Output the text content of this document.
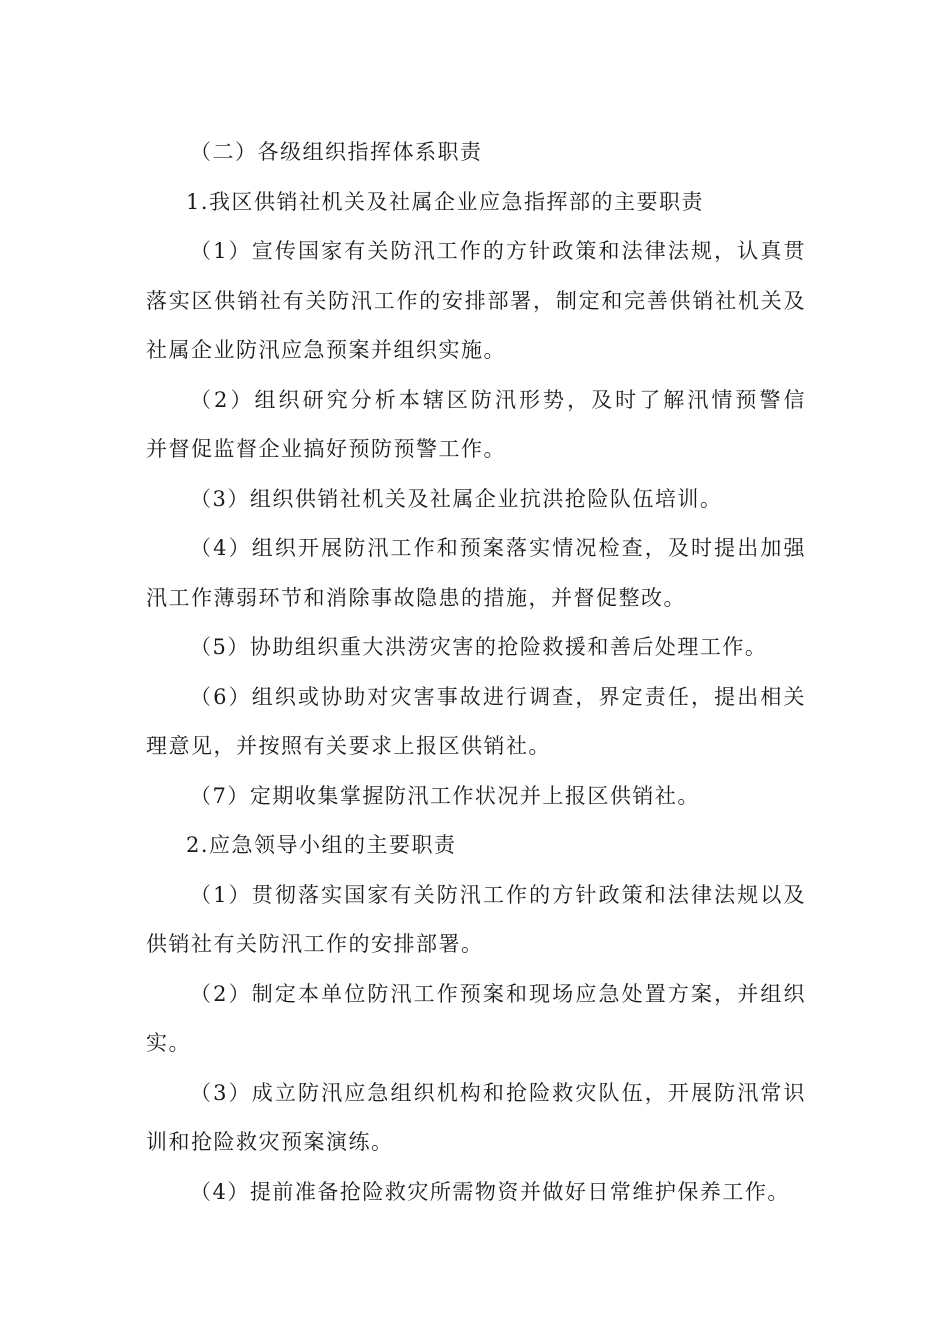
（二）各级组织指挥体系职责
1.我区供销社机关及社属企业应急指挥部的主要职责
（1）宣传国家有关防汛工作的方针政策和法律法规，认真贯
落实区供销社有关防汛工作的安排部署，制定和完善供销社机关及
社属企业防汛应急预案并组织实施。
（2）组织研究分析本辖区防汛形势，及时了解汛情预警信
并督促监督企业搞好预防预警工作。
（3）组织供销社机关及社属企业抗洪抢险队伍培训。
（4）组织开展防汛工作和预案落实情况检查，及时提出加强
汛工作薄弱环节和消除事故隐患的措施，并督促整改。
（5）协助组织重大洪涝灾害的抢险救援和善后处理工作。
（6）组织或协助对灾害事故进行调查，界定责任，提出相关
理意见，并按照有关要求上报区供销社。
（7）定期收集掌握防汛工作状况并上报区供销社。
2.应急领导小组的主要职责
（1）贯彻落实国家有关防汛工作的方针政策和法律法规以及
供销社有关防汛工作的安排部署。
（2）制定本单位防汛工作预案和现场应急处置方案，并组织
实。
（3）成立防汛应急组织机构和抢险救灾队伍，开展防汛常识
训和抢险救灾预案演练。
（4）提前准备抢险救灾所需物资并做好日常维护保养工作。
